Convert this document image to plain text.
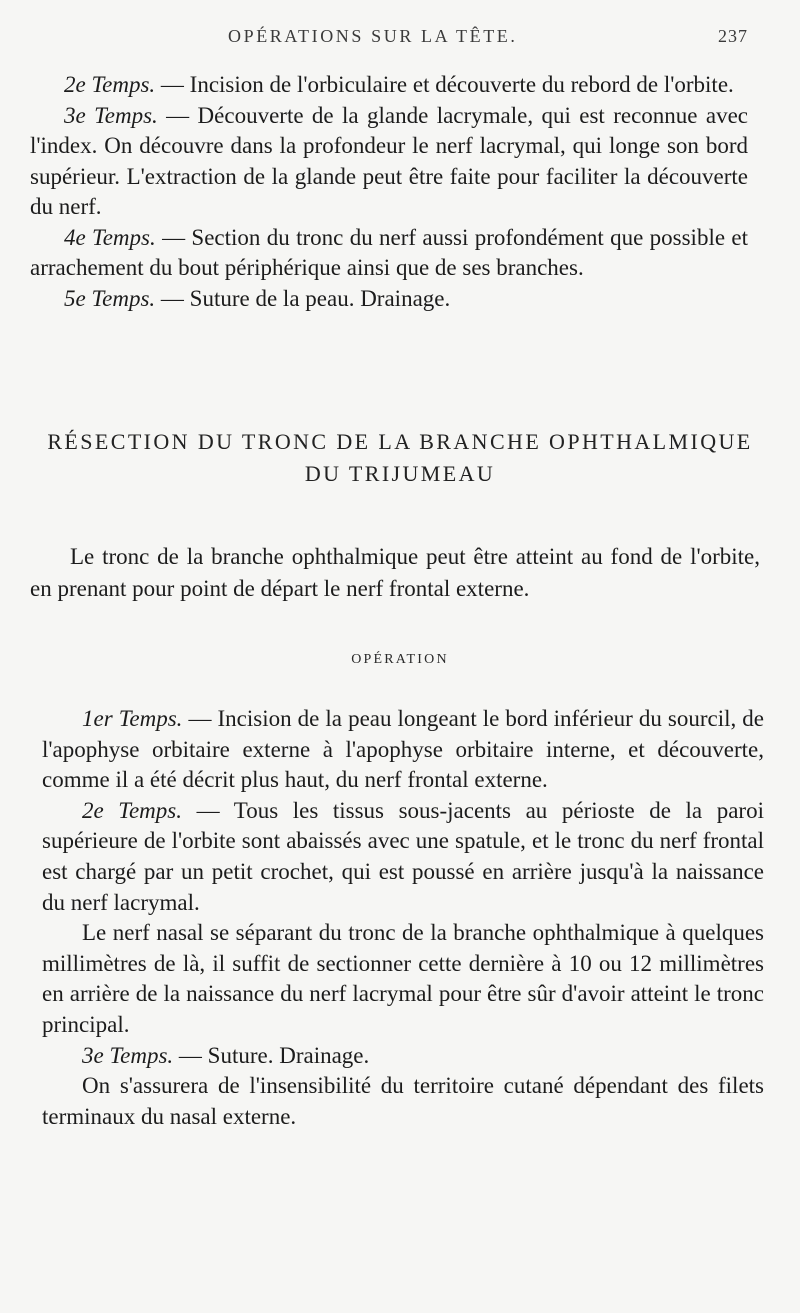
OPÉRATIONS SUR LA TÊTE.	237

2e Temps. — Incision de l'orbiculaire et découverte du rebord de l'orbite.

3e Temps. — Découverte de la glande lacrymale, qui est reconnue avec l'index. On découvre dans la profondeur le nerf lacrymal, qui longe son bord supérieur. L'extraction de la glande peut être faite pour faciliter la découverte du nerf.

4e Temps. — Section du tronc du nerf aussi profondément que possible et arrachement du bout périphérique ainsi que de ses branches.

5e Temps. — Suture de la peau. Drainage.

RÉSECTION DU TRONC DE LA BRANCHE OPHTHALMIQUE
DU TRIJUMEAU

Le tronc de la branche ophthalmique peut être atteint au fond de l'orbite, en prenant pour point de départ le nerf frontal externe.

OPÉRATION

1er Temps. — Incision de la peau longeant le bord inférieur du sourcil, de l'apophyse orbitaire externe à l'apophyse orbitaire interne, et découverte, comme il a été décrit plus haut, du nerf frontal externe.

2e Temps. — Tous les tissus sous-jacents au périoste de la paroi supérieure de l'orbite sont abaissés avec une spatule, et le tronc du nerf frontal est chargé par un petit crochet, qui est poussé en arrière jusqu'à la naissance du nerf lacrymal.

Le nerf nasal se séparant du tronc de la branche ophthalmique à quelques millimètres de là, il suffit de sectionner cette dernière à 10 ou 12 millimètres en arrière de la naissance du nerf lacrymal pour être sûr d'avoir atteint le tronc principal.

3e Temps. — Suture. Drainage.

On s'assurera de l'insensibilité du territoire cutané dépendant des filets terminaux du nasal externe.
